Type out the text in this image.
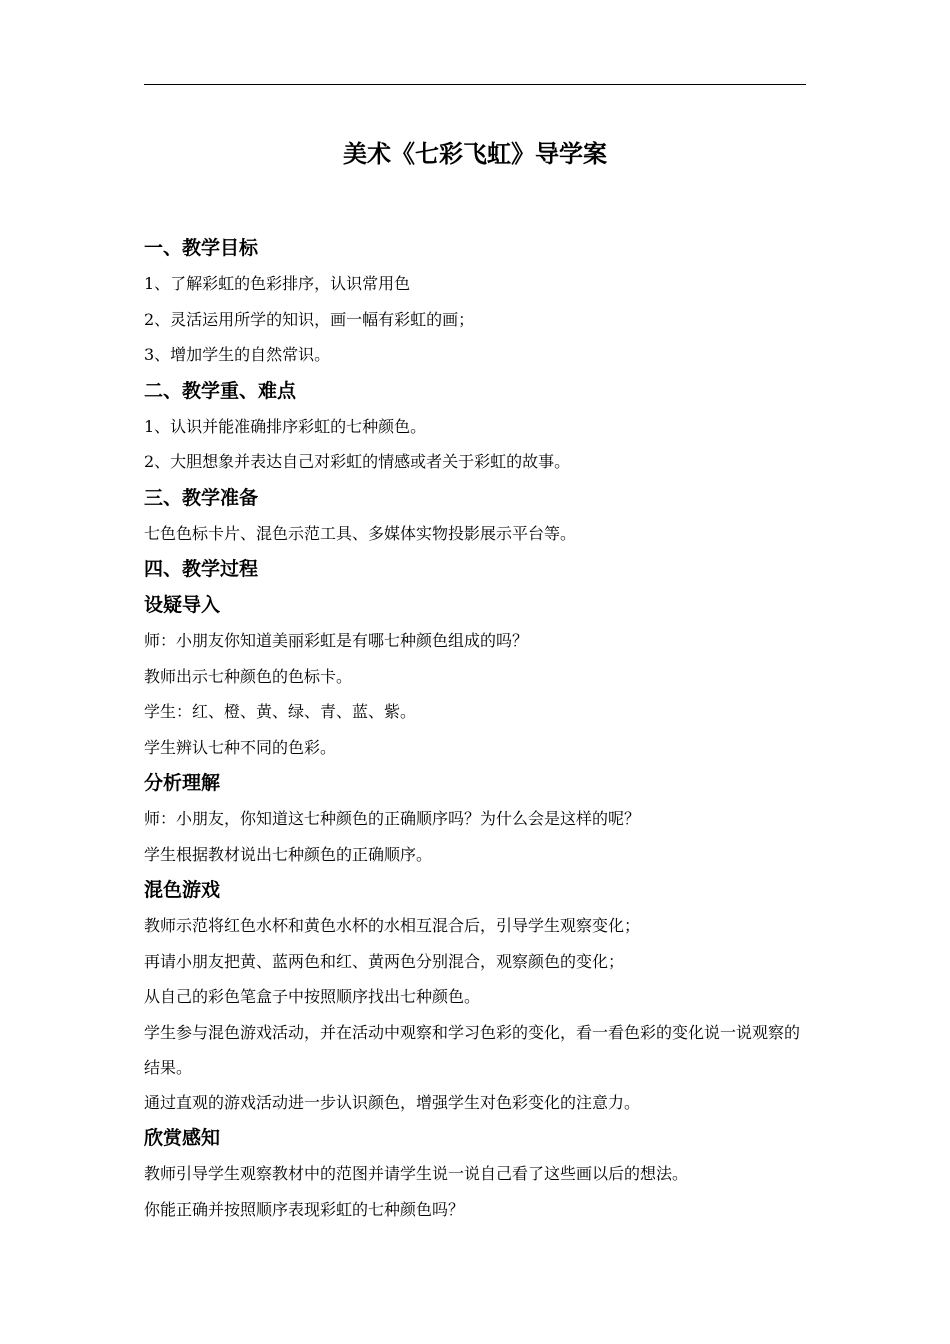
美术《七彩飞虹》导学案
一、教学目标

1、了解彩虹的色彩排序，认识常用色

2、灵活运用所学的知识，画一幅有彩虹的画；

3、增加学生的自然常识。

二、教学重、难点

1、认识并能准确排序彩虹的七种颜色。

2、大胆想象并表达自己对彩虹的情感或者关于彩虹的故事。

三、教学准备

七色色标卡片、混色示范工具、多媒体实物投影展示平台等。

四、教学过程
设疑导入

师：小朋友你知道美丽彩虹是有哪七种颜色组成的吗？

教师出示七种颜色的色标卡。

学生：红、橙、黄、绿、青、蓝、紫。

学生辨认七种不同的色彩。

分析理解

师：小朋友，你知道这七种颜色的正确顺序吗？为什么会是这样的呢？

学生根据教材说出七种颜色的正确顺序。

混色游戏

教师示范将红色水杯和黄色水杯的水相互混合后，引导学生观察变化；

再请小朋友把黄、蓝两色和红、黄两色分别混合，观察颜色的变化；

从自己的彩色笔盒子中按照顺序找出七种颜色。

学生参与混色游戏活动，并在活动中观察和学习色彩的变化，看一看色彩的变化说一说观察的结果。

通过直观的游戏活动进一步认识颜色，增强学生对色彩变化的注意力。

欣赏感知

教师引导学生观察教材中的范图并请学生说一说自己看了这些画以后的想法。

你能正确并按照顺序表现彩虹的七种颜色吗？
